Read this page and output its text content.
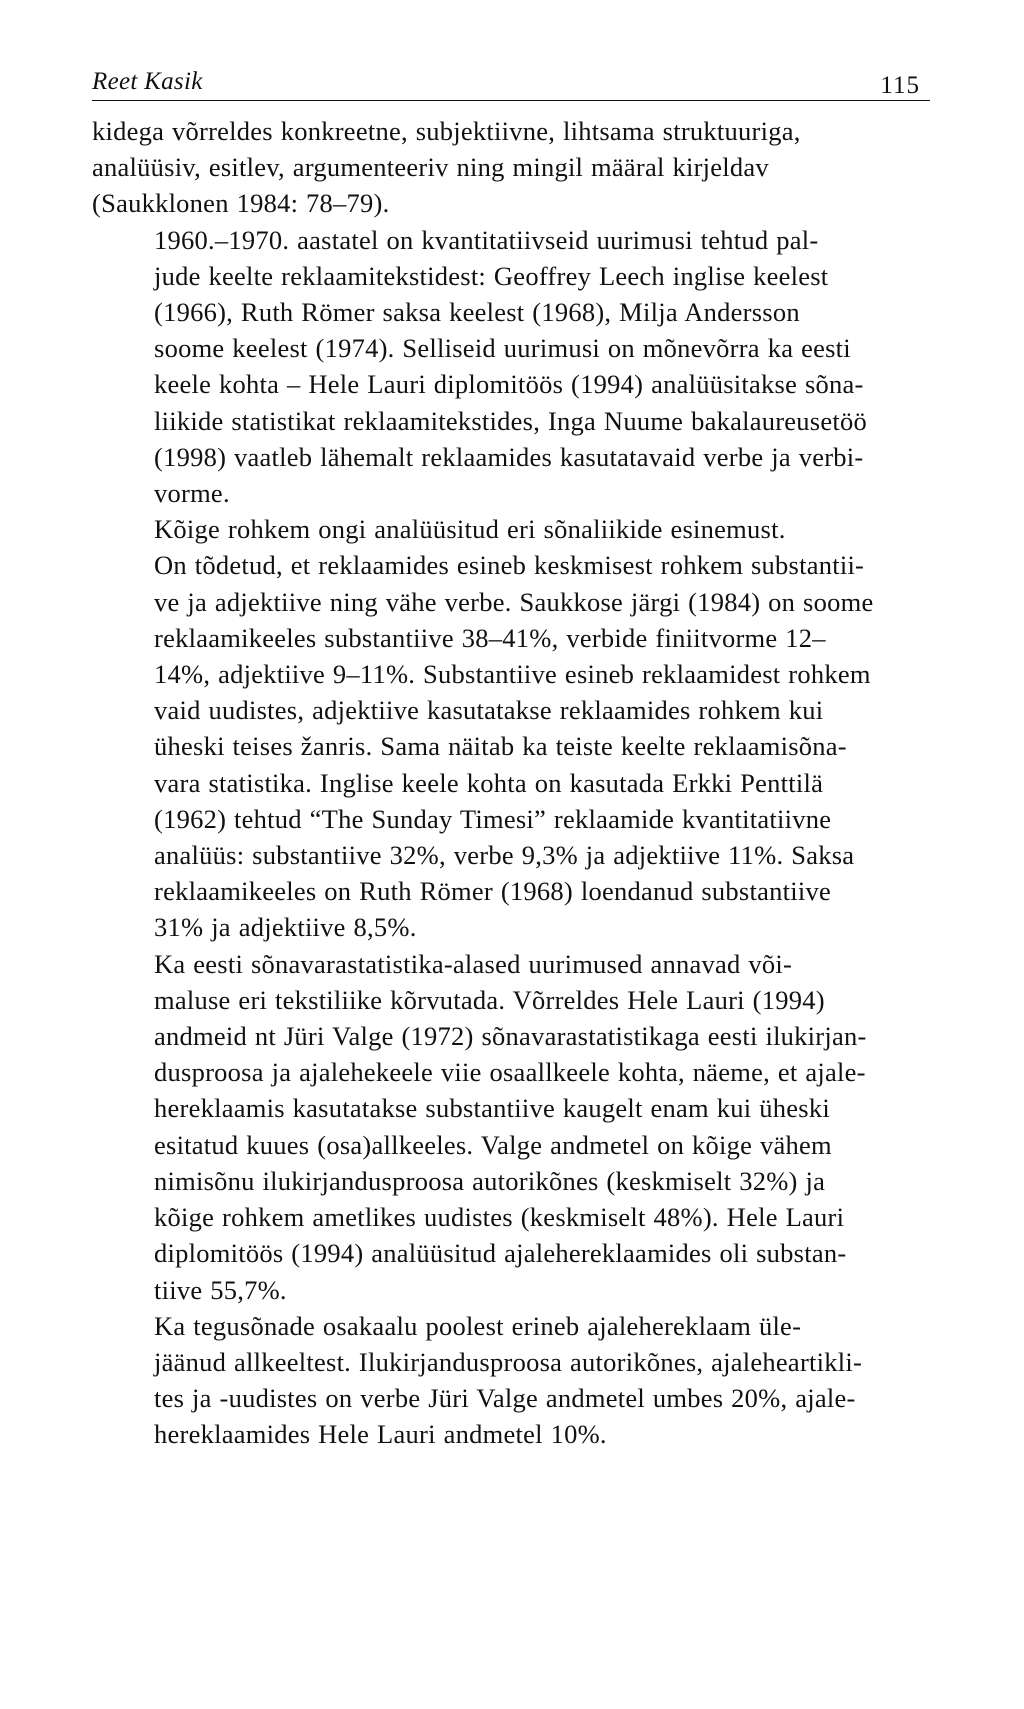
Reet Kasik	115

kidega võrreldes konkreetne, subjektiivne, lihtsama struktuuriga,
analüüsiv, esitlev, argumenteeriv ning mingil määral kirjeldav
(Saukklonen 1984: 78–79).

1960.–1970. aastatel on kvantitatiivseid uurimusi tehtud pal-
jude keelte reklaamitekstidest: Geoffrey Leech inglise keelest
(1966), Ruth Römer saksa keelest (1968), Milja Andersson
soome keelest (1974). Selliseid uurimusi on mõnevõrra ka eesti
keele kohta – Hele Lauri diplomitöös (1994) analüüsitakse sõna-
liikide statistikat reklaamitekstides, Inga Nuume bakalaureusetöö
(1998) vaatleb lähemalt reklaamides kasutatavaid verbe ja verbi-
vorme.

Kõige rohkem ongi analüüsitud eri sõnaliikide esinemust.
On tõdetud, et reklaamides esineb keskmisest rohkem substantii-
ve ja adjektiive ning vähe verbe. Saukkose järgi (1984) on soome
reklaamikeeles substantiive 38–41%, verbide finiitvorme 12–
14%, adjektiive 9–11%. Substantiive esineb reklaamidest rohkem
vaid uudistes, adjektiive kasutatakse reklaamides rohkem kui
üheski teises žanris. Sama näitab ka teiste keelte reklaamisõna-
vara statistika. Inglise keele kohta on kasutada Erkki Penttilä
(1962) tehtud “The Sunday Timesi” reklaamide kvantitatiivne
analüüs: substantiive 32%, verbe 9,3% ja adjektiive 11%. Saksa
reklaamikeeles on Ruth Römer (1968) loendanud substantiive
31% ja adjektiive 8,5%.

Ka eesti sõnavarastatistika-alased uurimused annavad või-
maluse eri tekstiliike kõrvutada. Võrreldes Hele Lauri (1994)
andmeid nt Jüri Valge (1972) sõnavarastatistikaga eesti ilukirjan-
dusproosa ja ajalehekeele viie osaallkeele kohta, näeme, et ajale-
hereklaamis kasutatakse substantiive kaugelt enam kui üheski
esitatud kuues (osa)allkeeles. Valge andmetel on kõige vähem
nimisõnu ilukirjandusproosa autorikõnes (keskmiselt 32%) ja
kõige rohkem ametlikes uudistes (keskmiselt 48%). Hele Lauri
diplomitöös (1994) analüüsitud ajalehereklaamides oli substan-
tiive 55,7%.

Ka tegusõnade osakaalu poolest erineb ajalehereklaam üle-
jäänud allkeeltest. Ilukirjandusproosa autorikõnes, ajaleheartikli-
tes ja -uudistes on verbe Jüri Valge andmetel umbes 20%, ajale-
hereklaamides Hele Lauri andmetel 10%.
